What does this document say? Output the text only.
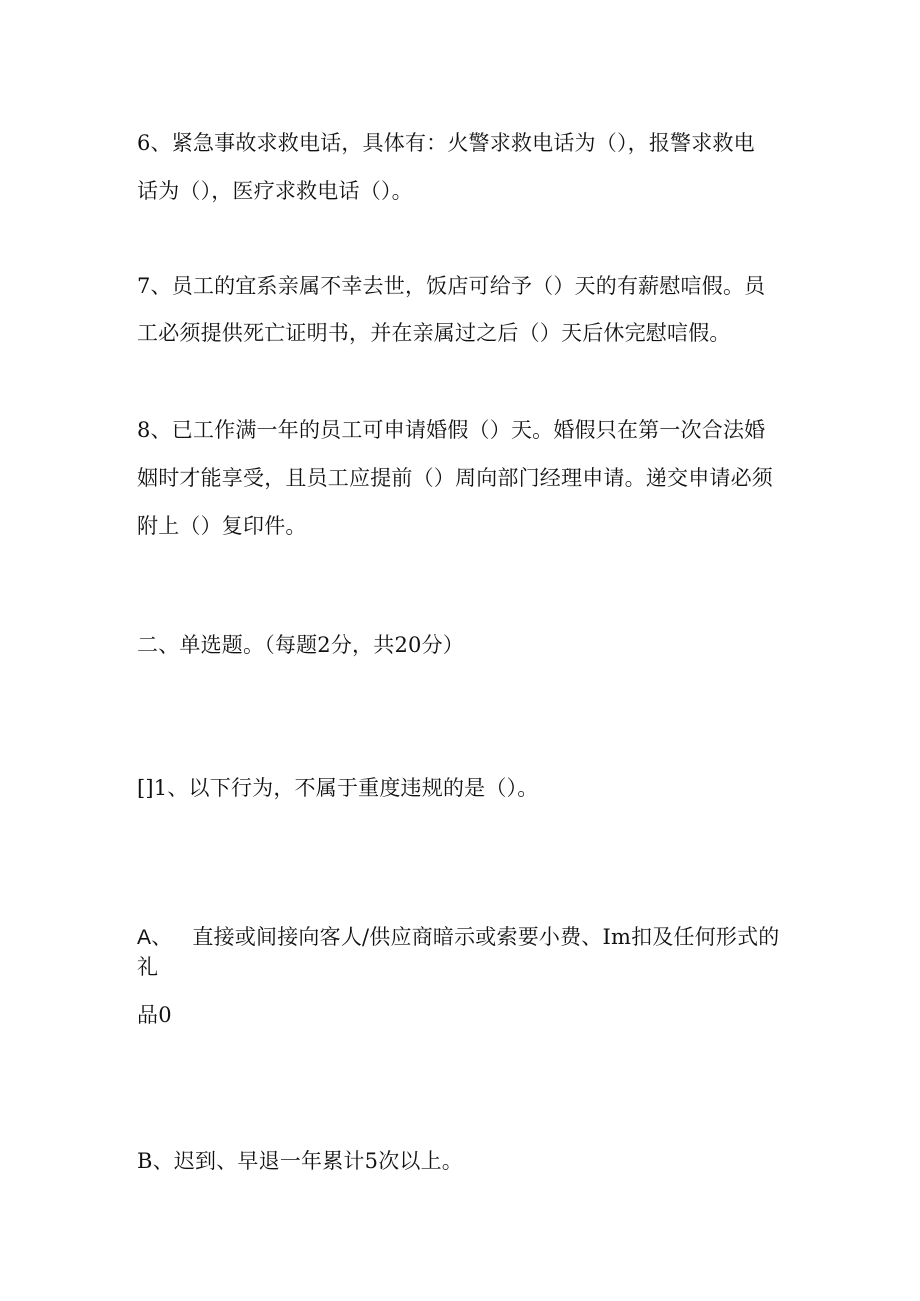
6、紧急事故求救电话，具体有：火警求救电话为（），报警求救电

话为（），医疗求救电话（）。

7、员工的宜系亲属不幸去世，饭店可给予（）天的有薪慰唁假。员

工必须提供死亡证明书，并在亲属过之后（）天后休完慰唁假。

8、已工作满一年的员工可申请婚假（）天。婚假只在第一次合法婚

姻时才能享受，且员工应提前（）周向部门经理申请。递交申请必须

附上（）复印件。

二、单选题。（每题2分，共20分）

[]1、以下行为，不属于重度违规的是（）。

A、 直接或间接向客人/供应商暗示或索要小费、Im扣及任何形式的

礼

品0

B、迟到、早退一年累计5次以上。
